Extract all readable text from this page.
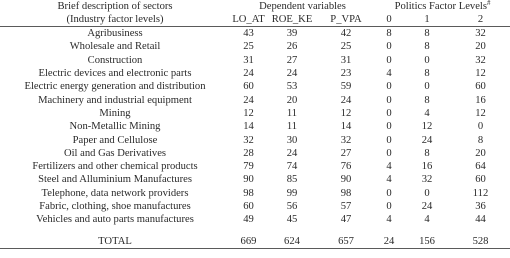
Brief description of sectors	Dependent variables			Politics Factor Levels#
(Industry factor levels)	LO_AT	ROE_KE	P_VPA	0	1	2
Agribusiness	43	39	42	8	8	32
Wholesale and Retail	25	26	25	0	8	20
Construction	31	27	31	0	0	32
Electric devices and electronic parts	24	24	23	4	8	12
Electric energy generation and distribution	60	53	59	0	0	60
Machinery and industrial equipment	24	20	24	0	8	16
Mining	12	11	12	0	4	12
Non-Metallic Mining	14	11	14	0	12	0
Paper and Cellulose	32	30	32	0	24	8
Oil and Gas Derivatives	28	24	27	0	8	20
Fertilizers and other chemical products	79	74	76	4	16	64
Steel and Alluminium Manufactures	90	85	90	4	32	60
Telephone, data network providers	98	99	98	0	0	112
Fabric, clothing, shoe manufactures	60	56	57	0	24	36
Vehicles and auto parts manufactures	49	45	47	4	4	44
TOTAL	669	624	657	24	156	528
